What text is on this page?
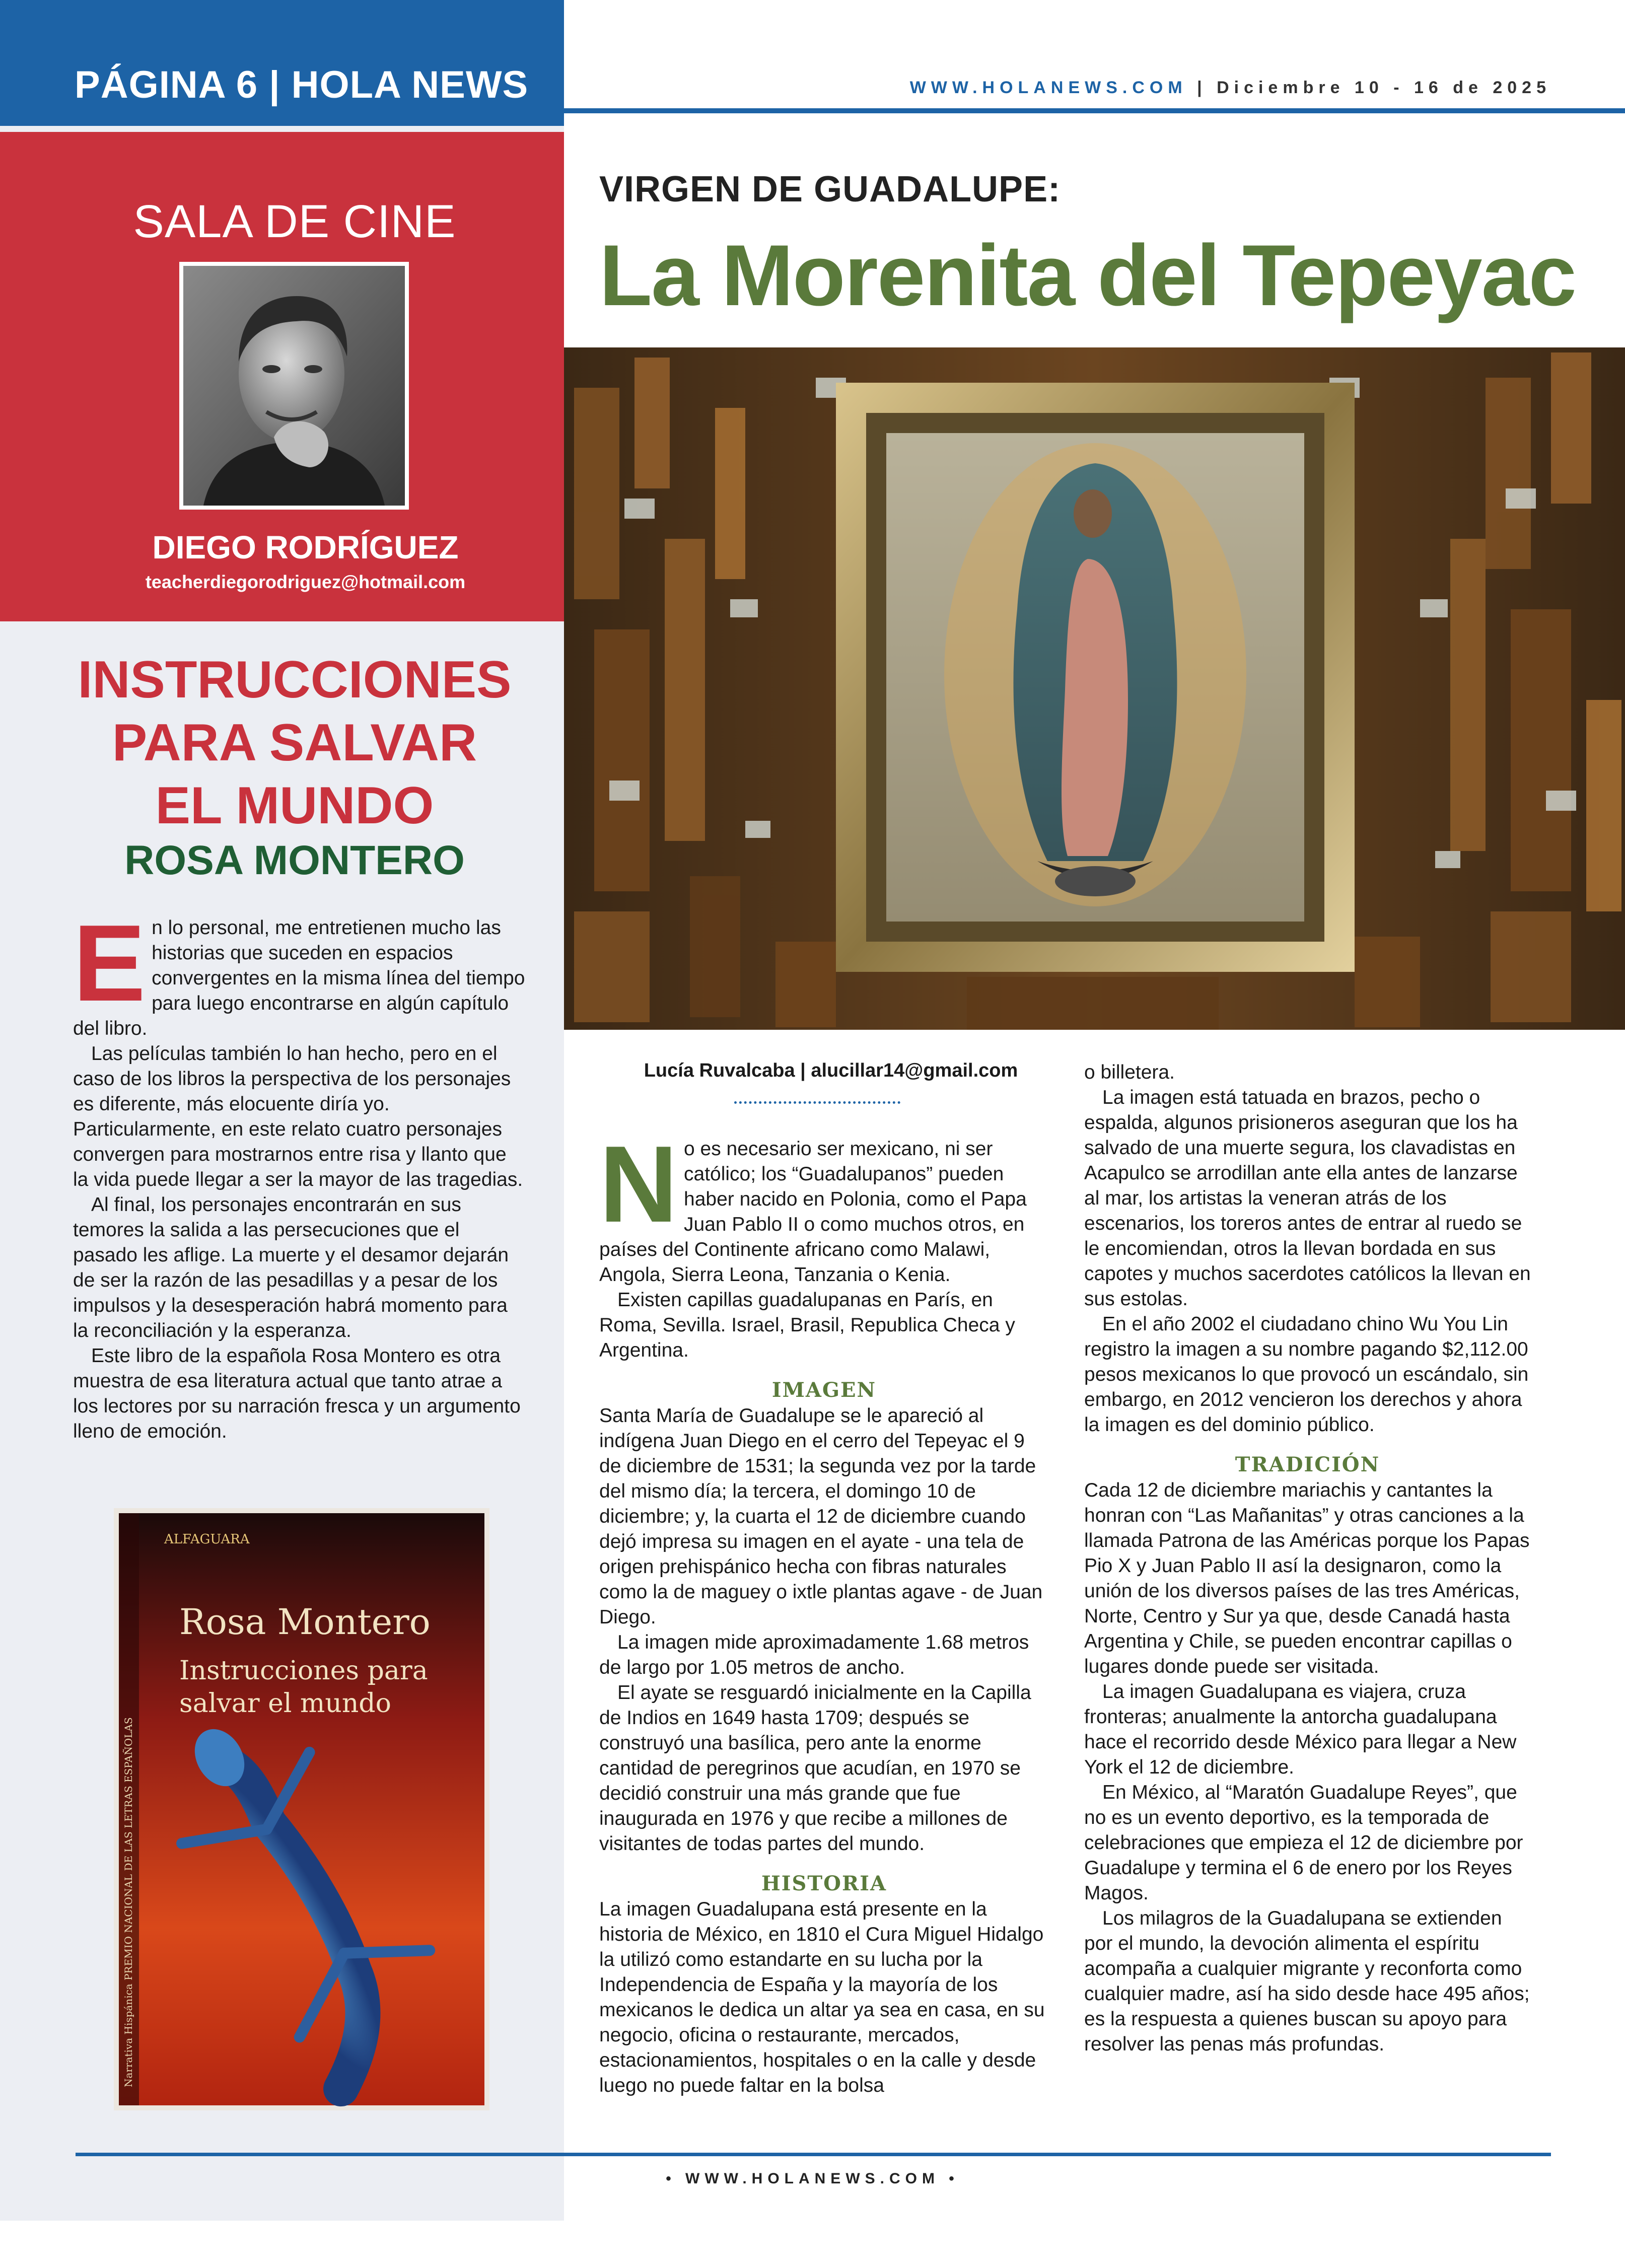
PÁGINA 6 | HOLA NEWS	WWW.HOLANEWS.COM | Diciembre 10 - 16 de 2025
SALA DE CINE
DIEGO RODRÍGUEZ
teacherdiegorodriguez@hotmail.com
INSTRUCCIONES
PARA SALVAR
EL MUNDO
ROSA MONTERO

En lo personal, me entretienen mucho las historias que suceden en espacios convergentes en la misma línea del tiempo para luego encontrarse en algún capítulo del libro.

Las películas también lo han hecho, pero en el caso de los libros la perspectiva de los personajes es diferente, más elocuente diría yo. Particularmente, en este relato cuatro personajes convergen para mostrarnos entre risa y llanto que la vida puede llegar a ser la mayor de las tragedias.

Al final, los personajes encontrarán en sus temores la salida a las persecuciones que el pasado les aflige. La muerte y el desamor dejarán de ser la razón de las pesadillas y a pesar de los impulsos y la desesperación habrá momento para la reconciliación y la esperanza.

Este libro de la española Rosa Montero es otra muestra de esa literatura actual que tanto atrae a los lectores por su narración fresca y un argumento lleno de emoción.

Narrativa Hispánica PREMIO NACIONAL DE LAS LETRAS ESPAÑOLAS
ALFAGUARA
Rosa Montero
Instrucciones para
salvar el mundo
VIRGEN DE GUADALUPE:
La Morenita del Tepeyac
Lucía Ruvalcaba | alucillar14@gmail.com

No es necesario ser mexicano, ni ser católico; los “Guadalupanos” pueden haber nacido en Polonia, como el Papa Juan Pablo II o como muchos otros, en países del Continente africano como Malawi, Angola, Sierra Leona, Tanzania o Kenia.

Existen capillas guadalupanas en París, en Roma, Sevilla. Israel, Brasil, Republica Checa y Argentina.

IMAGEN

Santa María de Guadalupe se le apareció al indígena Juan Diego en el cerro del Tepeyac el 9 de diciembre de 1531; la segunda vez por la tarde del mismo día; la tercera, el domingo 10 de diciembre; y, la cuarta el 12 de diciembre cuando dejó impresa su imagen en el ayate - una tela de origen prehispánico hecha con fibras naturales como la de maguey o ixtle plantas agave - de Juan Diego.

La imagen mide aproximadamente 1.68 metros de largo por 1.05 metros de ancho.

El ayate se resguardó inicialmente en la Capilla de Indios en 1649 hasta 1709; después se construyó una basílica, pero ante la enorme cantidad de peregrinos que acudían, en 1970 se decidió construir una más grande que fue inaugurada en 1976 y que recibe a millones de visitantes de todas partes del mundo.

HISTORIA

La imagen Guadalupana está presente en la historia de México, en 1810 el Cura Miguel Hidalgo la utilizó como estandarte en su lucha por la Independencia de España y la mayoría de los mexicanos le dedica un altar ya sea en casa, en su negocio, oficina o restaurante, mercados, estacionamientos, hospitales o en la calle y desde luego no puede faltar en la bolsa

o billetera.

La imagen está tatuada en brazos, pecho o espalda, algunos prisioneros aseguran que los ha salvado de una muerte segura, los clavadistas en Acapulco se arrodillan ante ella antes de lanzarse al mar, los artistas la veneran atrás de los escenarios, los toreros antes de entrar al ruedo se le encomiendan, otros la llevan bordada en sus capotes y muchos sacerdotes católicos la llevan en sus estolas.

En el año 2002 el ciudadano chino Wu You Lin registro la imagen a su nombre pagando $2,112.00 pesos mexicanos lo que provocó un escándalo, sin embargo, en 2012 vencieron los derechos y ahora la imagen es del dominio público.

TRADICIÓN

Cada 12 de diciembre mariachis y cantantes la honran con “Las Mañanitas” y otras canciones a la llamada Patrona de las Américas porque los Papas Pio X y Juan Pablo II así la designaron, como la unión de los diversos países de las tres Américas, Norte, Centro y Sur ya que, desde Canadá hasta Argentina y Chile, se pueden encontrar capillas o lugares donde puede ser visitada.

La imagen Guadalupana es viajera, cruza fronteras; anualmente la antorcha guadalupana hace el recorrido desde México para llegar a New York el 12 de diciembre.

En México, al “Maratón Guadalupe Reyes”, que no es un evento deportivo, es la temporada de celebraciones que empieza el 12 de diciembre por Guadalupe y termina el 6 de enero por los Reyes Magos.

Los milagros de la Guadalupana se extienden por el mundo, la devoción alimenta el espíritu acompaña a cualquier migrante y reconforta como cualquier madre, así ha sido desde hace 495 años; es la respuesta a quienes buscan su apoyo para resolver las penas más profundas.

• WWW.HOLANEWS.COM •
